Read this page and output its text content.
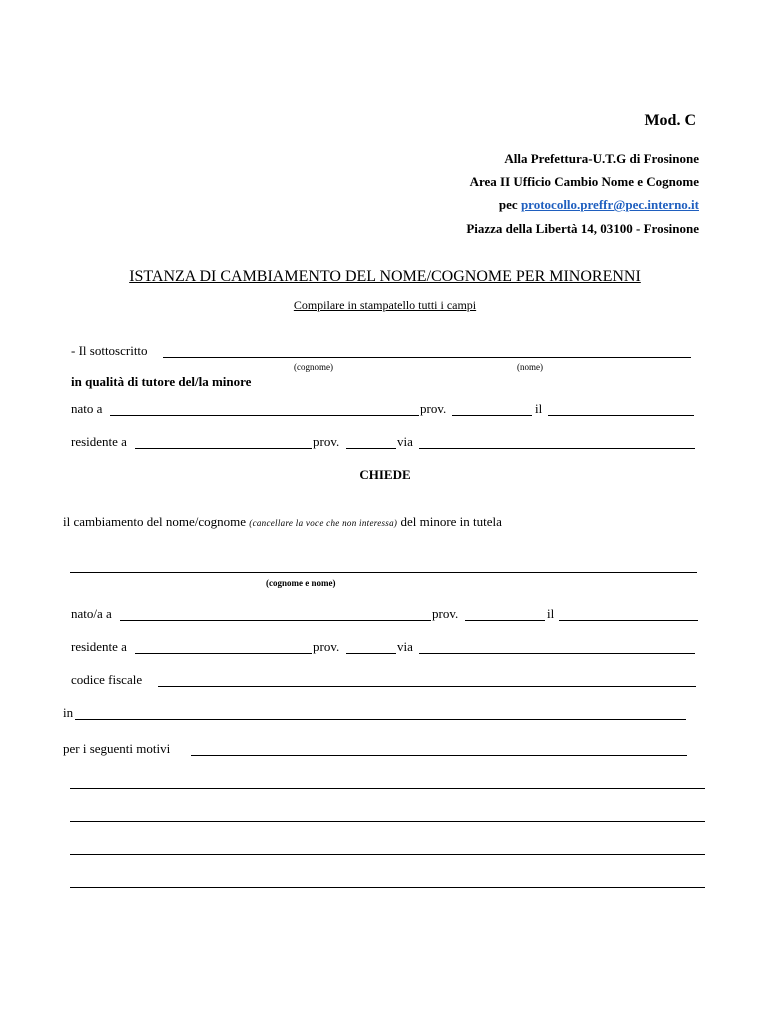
Mod. C
Alla Prefettura-U.T.G di Frosinone
Area II Ufficio Cambio Nome e Cognome
pec protocollo.preffr@pec.interno.it
Piazza della Libertà 14, 03100 - Frosinone
ISTANZA DI CAMBIAMENTO DEL NOME/COGNOME PER MINORENNI
Compilare in stampatello tutti i campi
- Il sottoscritto
(cognome)	(nome)
in qualità di tutore del/la minore
nato a	prov.	il
residente a	prov.	via
CHIEDE
il cambiamento del nome/cognome (cancellare la voce che non interessa) del minore in tutela
(cognome e nome)
nato/a a	prov.	il
residente a	prov.	via
codice fiscale
in
per i seguenti motivi
